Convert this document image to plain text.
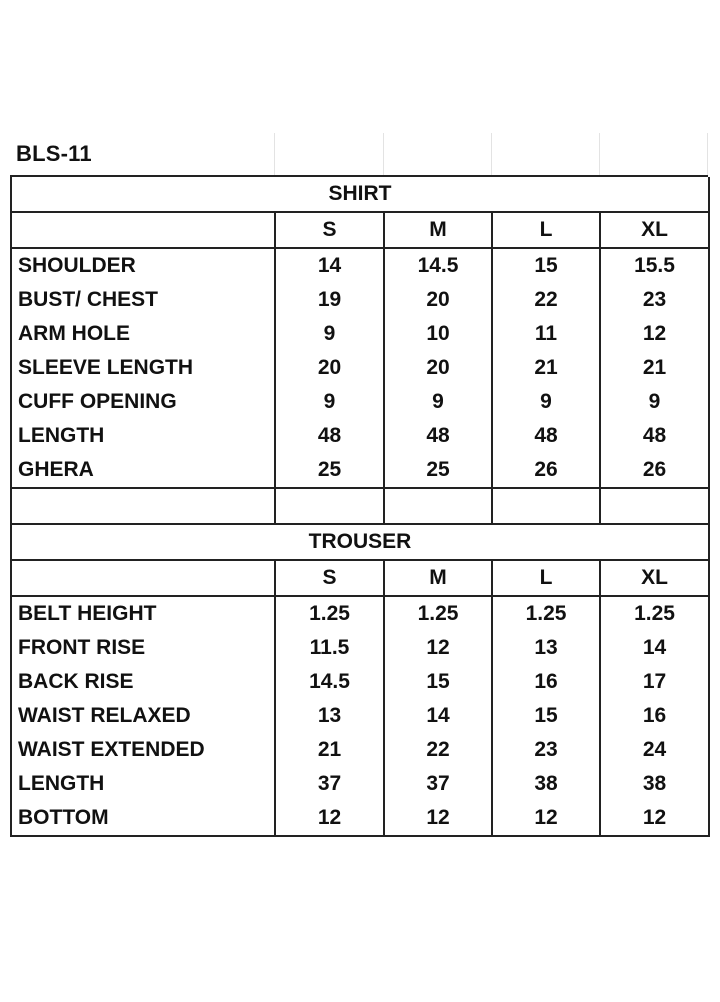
BLS-11
SHIRT				
	S	M	L	XL
SHOULDER	14	14.5	15	15.5
BUST/ CHEST	19	20	22	23
ARM HOLE	9	10	11	12
SLEEVE LENGTH	20	20	21	21
CUFF OPENING	9	9	9	9
LENGTH	48	48	48	48
GHERA	25	25	26	26

TROUSER				
	S	M	L	XL
BELT HEIGHT	1.25	1.25	1.25	1.25
FRONT RISE	11.5	12	13	14
BACK RISE	14.5	15	16	17
WAIST RELAXED	13	14	15	16
WAIST EXTENDED	21	22	23	24
LENGTH	37	37	38	38
BOTTOM	12	12	12	12
